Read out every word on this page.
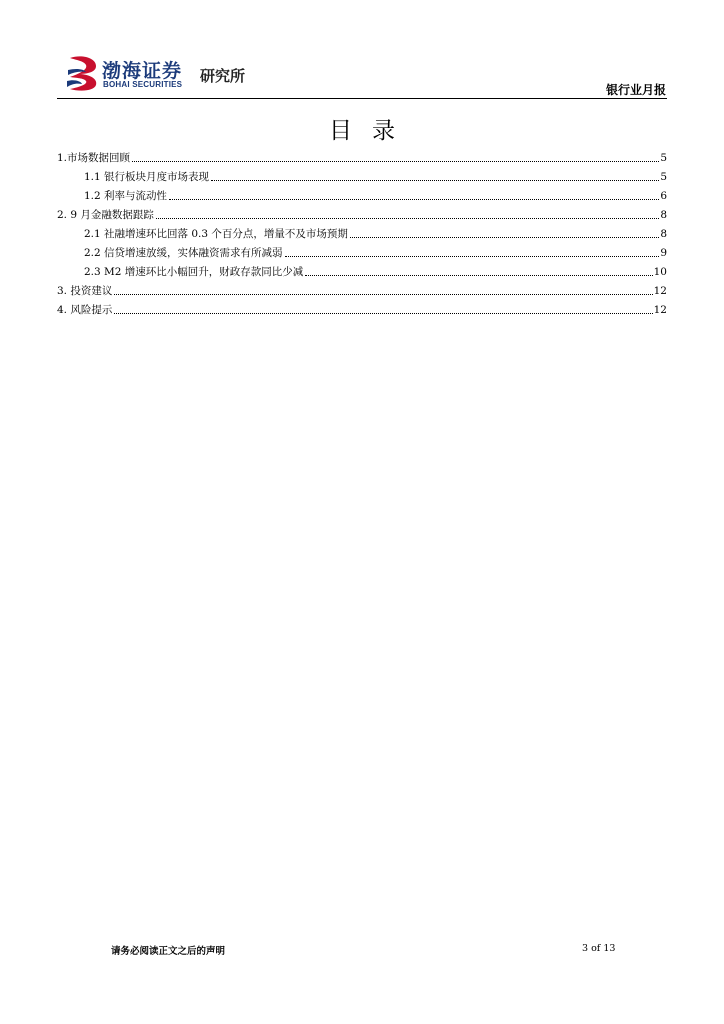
渤海证券
BOHAI SECURITIES 研究所
银行业月报
目录
1.市场数据回顾	5
1.1 银行板块月度市场表现	5
1.2 利率与流动性	6
2. 9 月金融数据跟踪	8
2.1 社融增速环比回落 0.3 个百分点，增量不及市场预期	8
2.2 信贷增速放缓，实体融资需求有所减弱	9
2.3 M2 增速环比小幅回升，财政存款同比少减	10
3. 投资建议	12
4. 风险提示	12
请务必阅读正文之后的声明	3 of 13
